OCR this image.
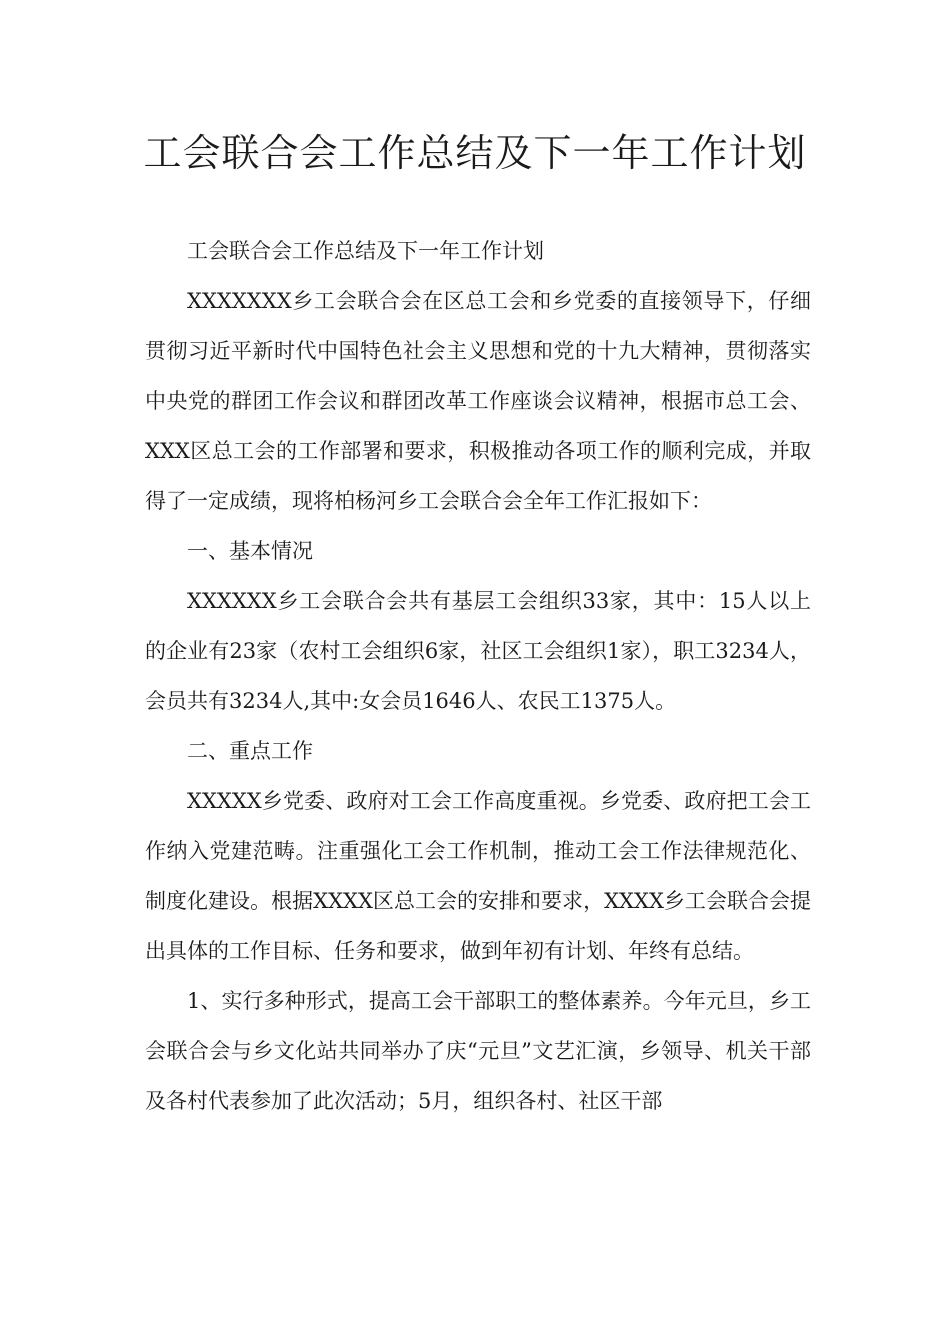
工会联合会工作总结及下一年工作计划

工会联合会工作总结及下一年工作计划

XXXXXXX乡工会联合会在区总工会和乡党委的直接领导下，仔细贯彻习近平新时代中国特色社会主义思想和党的十九大精神，贯彻落实中央党的群团工作会议和群团改革工作座谈会议精神，根据市总工会、XXX区总工会的工作部署和要求，积极推动各项工作的顺利完成，并取得了一定成绩，现将柏杨河乡工会联合会全年工作汇报如下：

一、基本情况

XXXXXX乡工会联合会共有基层工会组织33家，其中：15人以上的企业有23家（农村工会组织6家，社区工会组织1家），职工3234人，会员共有3234人,其中:女会员1646人、农民工1375人。

二、重点工作

XXXXX乡党委、政府对工会工作高度重视。乡党委、政府把工会工作纳入党建范畴。注重强化工会工作机制，推动工会工作法律规范化、制度化建设。根据XXXX区总工会的安排和要求，XXXX乡工会联合会提出具体的工作目标、任务和要求，做到年初有计划、年终有总结。

1、实行多种形式，提高工会干部职工的整体素养。今年元旦，乡工会联合会与乡文化站共同举办了庆“元旦”文艺汇演，乡领导、机关干部及各村代表参加了此次活动；5月，组织各村、社区干部
